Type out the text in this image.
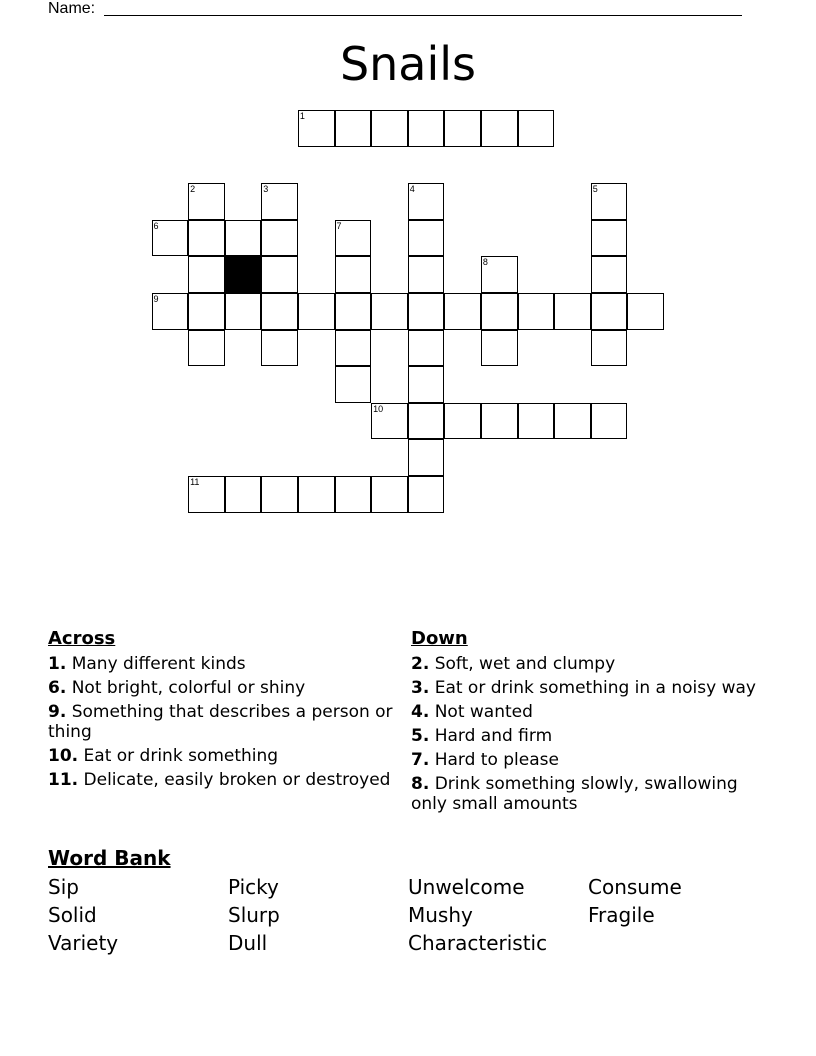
Name:
Snails
1
2	3	4	5
6	7
8
9
10
11
Across
1. Many different kinds
6. Not bright, colorful or shiny
9. Something that describes a person or thing
10. Eat or drink something
11. Delicate, easily broken or destroyed
Down
2. Soft, wet and clumpy
3. Eat or drink something in a noisy way
4. Not wanted
5. Hard and firm
7. Hard to please
8. Drink something slowly, swallowing only small amounts
Word Bank
Sip	Picky	Unwelcome	Consume
Solid	Slurp	Mushy	Fragile
Variety	Dull	Characteristic
